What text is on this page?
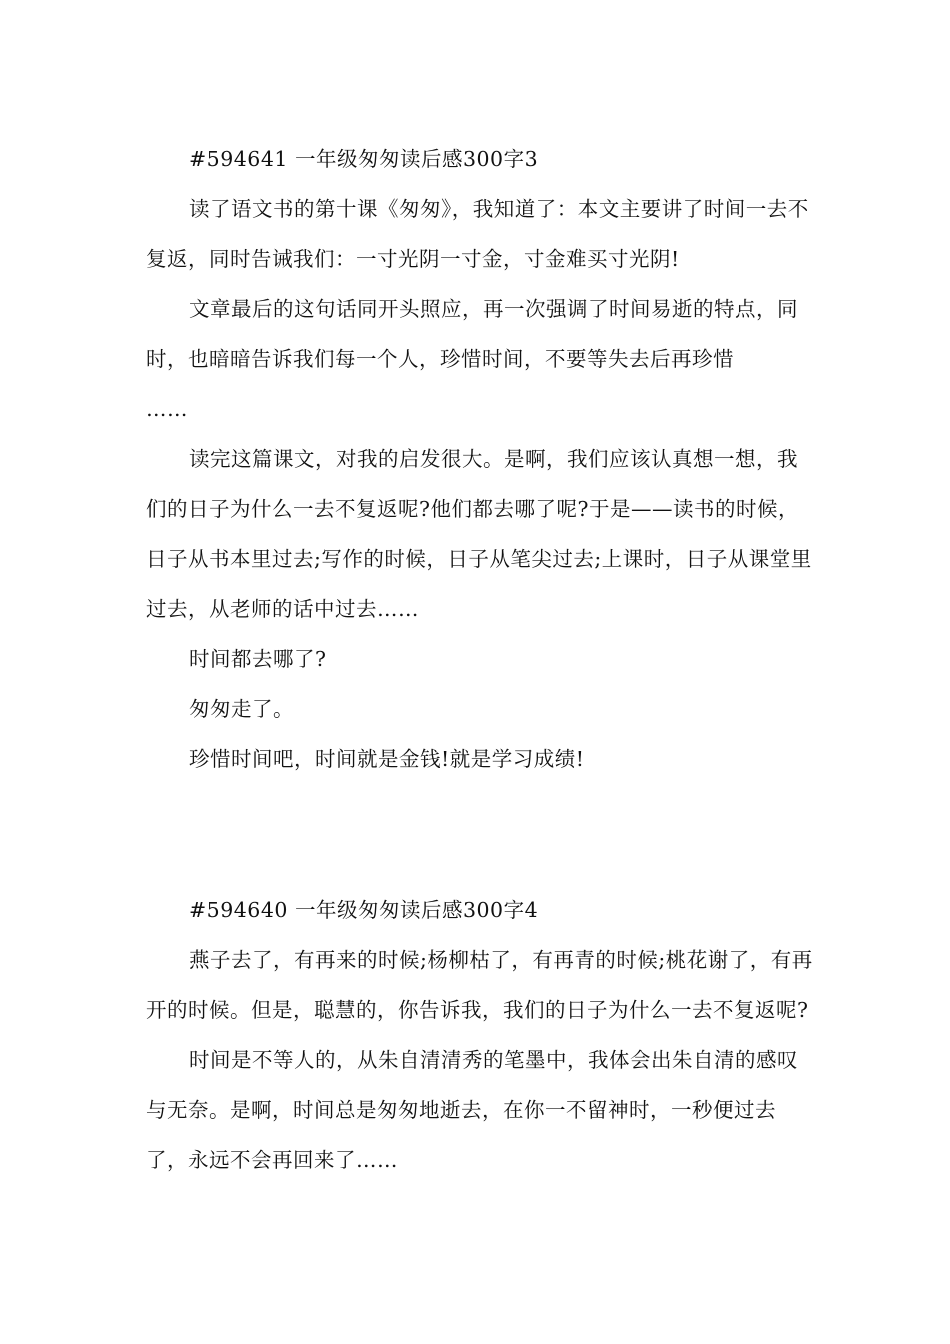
#594641 一年级匆匆读后感300字3

读了语文书的第十课《匆匆》，我知道了：本文主要讲了时间一去不复返，同时告诫我们：一寸光阴一寸金，寸金难买寸光阴!

文章最后的这句话同开头照应，再一次强调了时间易逝的特点，同时，也暗暗告诉我们每一个人，珍惜时间，不要等失去后再珍惜

……

读完这篇课文，对我的启发很大。是啊，我们应该认真想一想，我们的日子为什么一去不复返呢?他们都去哪了呢?于是——读书的时候，日子从书本里过去;写作的时候，日子从笔尖过去;上课时，日子从课堂里过去，从老师的话中过去……

时间都去哪了?

匆匆走了。

珍惜时间吧，时间就是金钱!就是学习成绩!

#594640 一年级匆匆读后感300字4

燕子去了，有再来的时候;杨柳枯了，有再青的时候;桃花谢了，有再开的时候。但是，聪慧的，你告诉我，我们的日子为什么一去不复返呢?

时间是不等人的，从朱自清清秀的笔墨中，我体会出朱自清的感叹与无奈。是啊，时间总是匆匆地逝去，在你一不留神时，一秒便过去了，永远不会再回来了……
